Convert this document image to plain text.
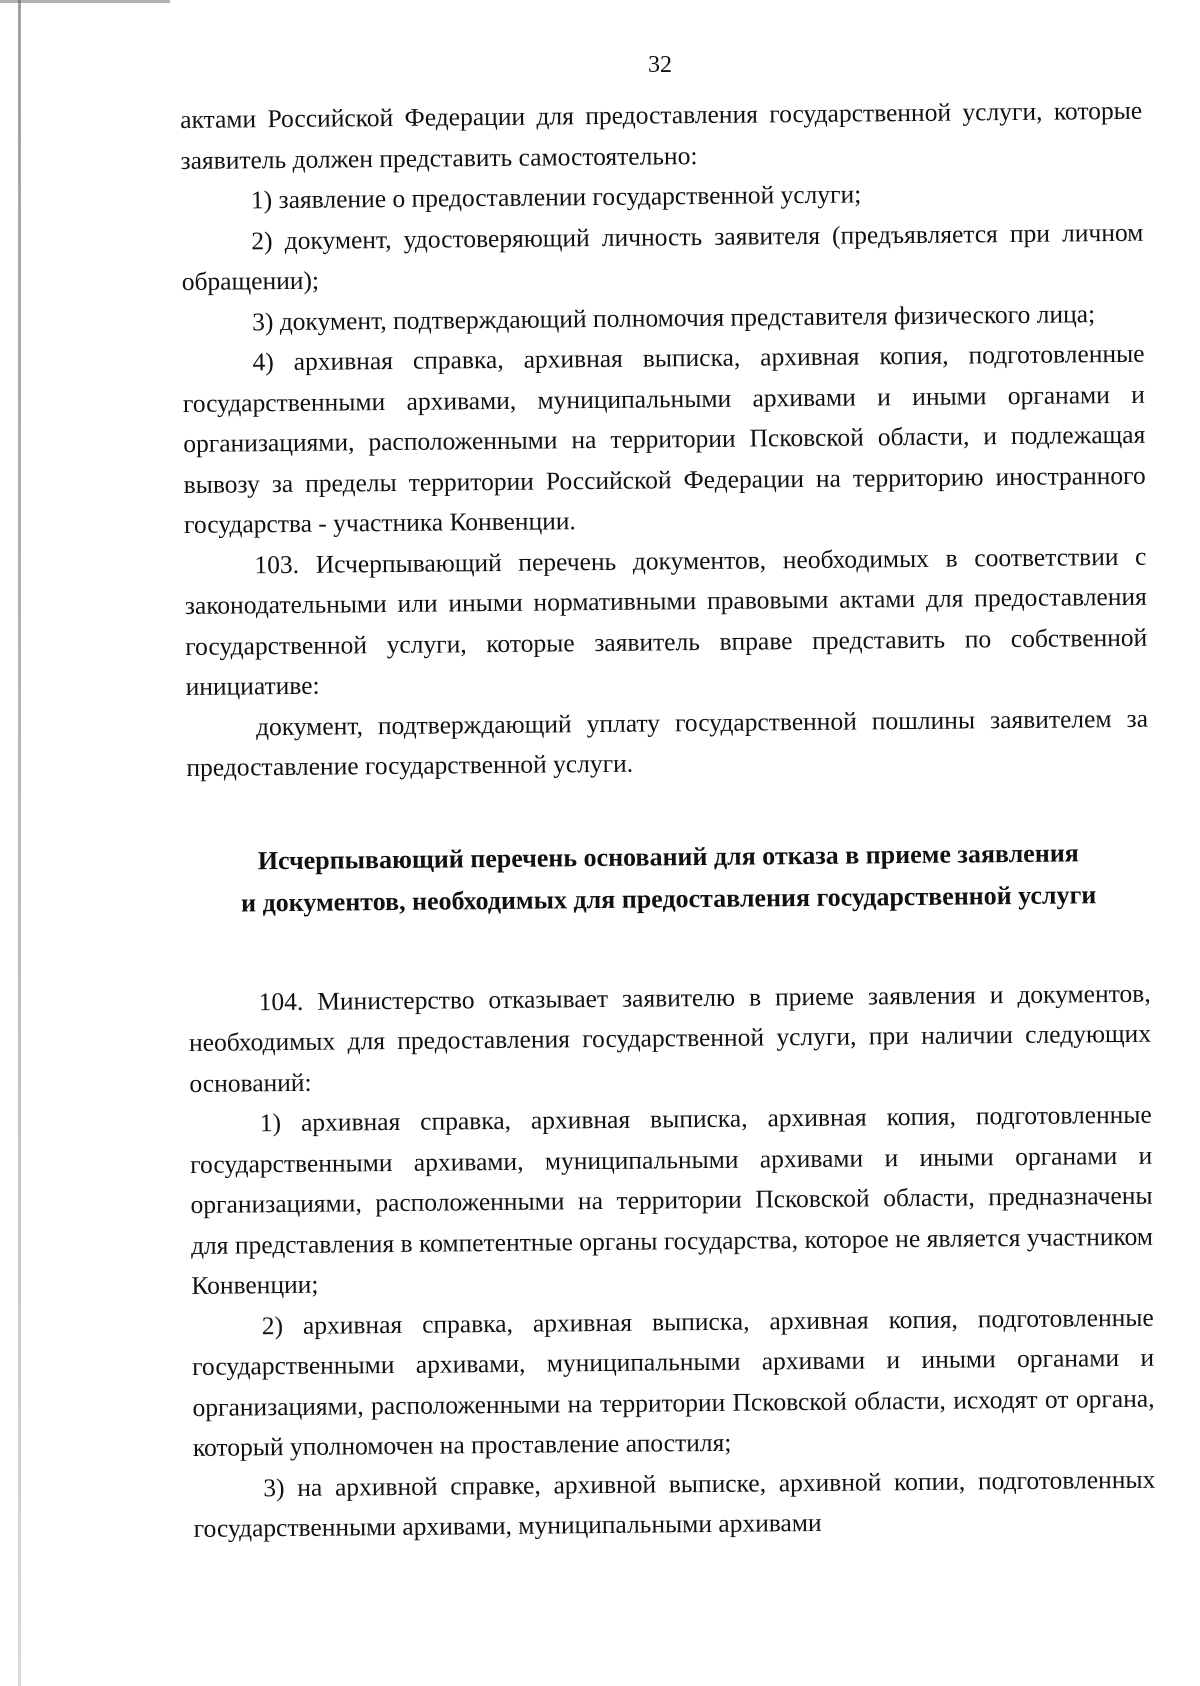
32

актами Российской Федерации для предоставления государственной услуги, которые заявитель должен представить самостоятельно:

1) заявление о предоставлении государственной услуги;

2) документ, удостоверяющий личность заявителя (предъявляется при личном обращении);

3) документ, подтверждающий полномочия представителя физического лица;

4) архивная справка, архивная выписка, архивная копия, подготовленные государственными архивами, муниципальными архивами и иными органами и организациями, расположенными на территории Псковской области, и подлежащая вывозу за пределы территории Российской Федерации на территорию иностранного государства - участника Конвенции.

103. Исчерпывающий перечень документов, необходимых в соответствии с законодательными или иными нормативными правовыми актами для предоставления государственной услуги, которые заявитель вправе представить по собственной инициативе:

документ, подтверждающий уплату государственной пошлины заявителем за предоставление государственной услуги.

Исчерпывающий перечень оснований для отказа в приеме заявления
и документов, необходимых для предоставления государственной услуги

104. Министерство отказывает заявителю в приеме заявления и документов, необходимых для предоставления государственной услуги, при наличии следующих оснований:

1) архивная справка, архивная выписка, архивная копия, подготовленные государственными архивами, муниципальными архивами и иными органами и организациями, расположенными на территории Псковской области, предназначены для представления в компетентные органы государства, которое не является участником Конвенции;

2) архивная справка, архивная выписка, архивная копия, подготовленные государственными архивами, муниципальными архивами и иными органами и организациями, расположенными на территории Псковской области, исходят от органа, который уполномочен на проставление апостиля;

3) на архивной справке, архивной выписке, архивной копии, подготовленных государственными архивами, муниципальными архивами
